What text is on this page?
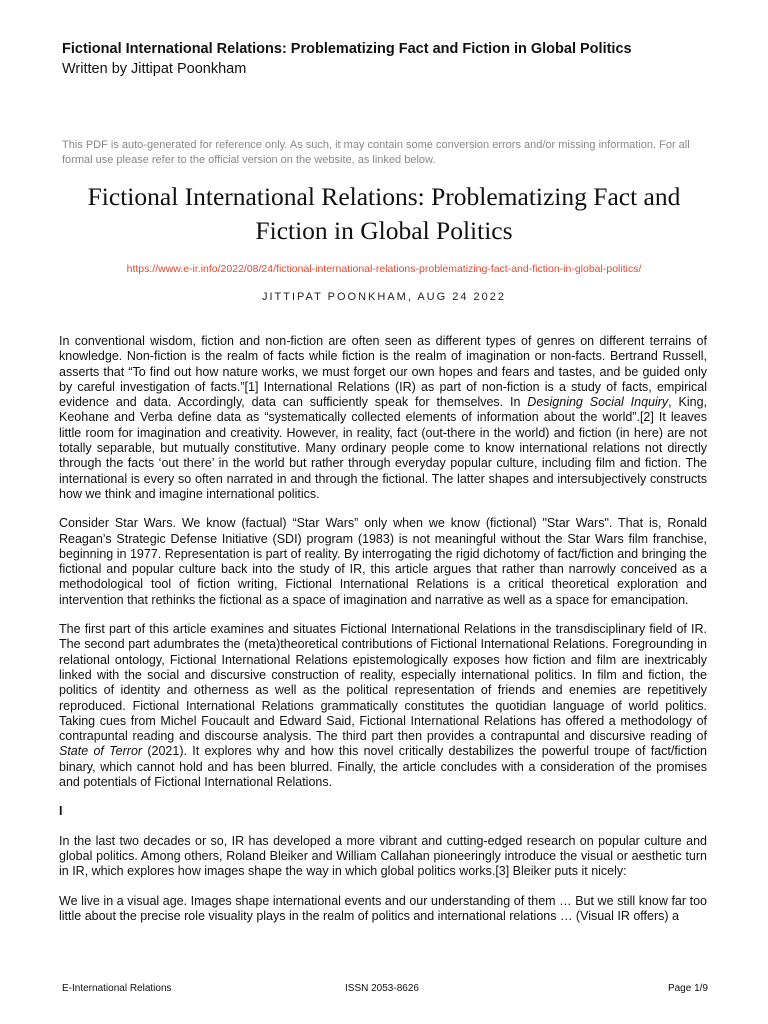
Fictional International Relations: Problematizing Fact and Fiction in Global Politics
Written by Jittipat Poonkham
This PDF is auto-generated for reference only. As such, it may contain some conversion errors and/or missing information. For all formal use please refer to the official version on the website, as linked below.
Fictional International Relations: Problematizing Fact and Fiction in Global Politics
https://www.e-ir.info/2022/08/24/fictional-international-relations-problematizing-fact-and-fiction-in-global-politics/
JITTIPAT POONKHAM, AUG 24 2022

In conventional wisdom, fiction and non-fiction are often seen as different types of genres on different terrains of knowledge. Non-fiction is the realm of facts while fiction is the realm of imagination or non-facts. Bertrand Russell, asserts that “To find out how nature works, we must forget our own hopes and fears and tastes, and be guided only by careful investigation of facts.”[1] International Relations (IR) as part of non-fiction is a study of facts, empirical evidence and data. Accordingly, data can sufficiently speak for themselves. In Designing Social Inquiry, King, Keohane and Verba define data as “systematically collected elements of information about the world”.[2] It leaves little room for imagination and creativity. However, in reality, fact (out-there in the world) and fiction (in here) are not totally separable, but mutually constitutive. Many ordinary people come to know international relations not directly through the facts ‘out there’ in the world but rather through everyday popular culture, including film and fiction. The international is every so often narrated in and through the fictional. The latter shapes and intersubjectively constructs how we think and imagine international politics.

Consider Star Wars. We know (factual) “Star Wars” only when we know (fictional) "Star Wars". That is, Ronald Reagan’s Strategic Defense Initiative (SDI) program (1983) is not meaningful without the Star Wars film franchise, beginning in 1977. Representation is part of reality. By interrogating the rigid dichotomy of fact/fiction and bringing the fictional and popular culture back into the study of IR, this article argues that rather than narrowly conceived as a methodological tool of fiction writing, Fictional International Relations is a critical theoretical exploration and intervention that rethinks the fictional as a space of imagination and narrative as well as a space for emancipation.

The first part of this article examines and situates Fictional International Relations in the transdisciplinary field of IR. The second part adumbrates the (meta)theoretical contributions of Fictional International Relations. Foregrounding in relational ontology, Fictional International Relations epistemologically exposes how fiction and film are inextricably linked with the social and discursive construction of reality, especially international politics. In film and fiction, the politics of identity and otherness as well as the political representation of friends and enemies are repetitively reproduced. Fictional International Relations grammatically constitutes the quotidian language of world politics. Taking cues from Michel Foucault and Edward Said, Fictional International Relations has offered a methodology of contrapuntal reading and discourse analysis. The third part then provides a contrapuntal and discursive reading of State of Terror (2021). It explores why and how this novel critically destabilizes the powerful troupe of fact/fiction binary, which cannot hold and has been blurred. Finally, the article concludes with a consideration of the promises and potentials of Fictional International Relations.

I

In the last two decades or so, IR has developed a more vibrant and cutting-edged research on popular culture and global politics. Among others, Roland Bleiker and William Callahan pioneeringly introduce the visual or aesthetic turn in IR, which explores how images shape the way in which global politics works.[3] Bleiker puts it nicely:

We live in a visual age. Images shape international events and our understanding of them … But we still know far too little about the precise role visuality plays in the realm of politics and international relations … (Visual IR offers) a

E-International Relations	ISSN 2053-8626	Page 1/9
